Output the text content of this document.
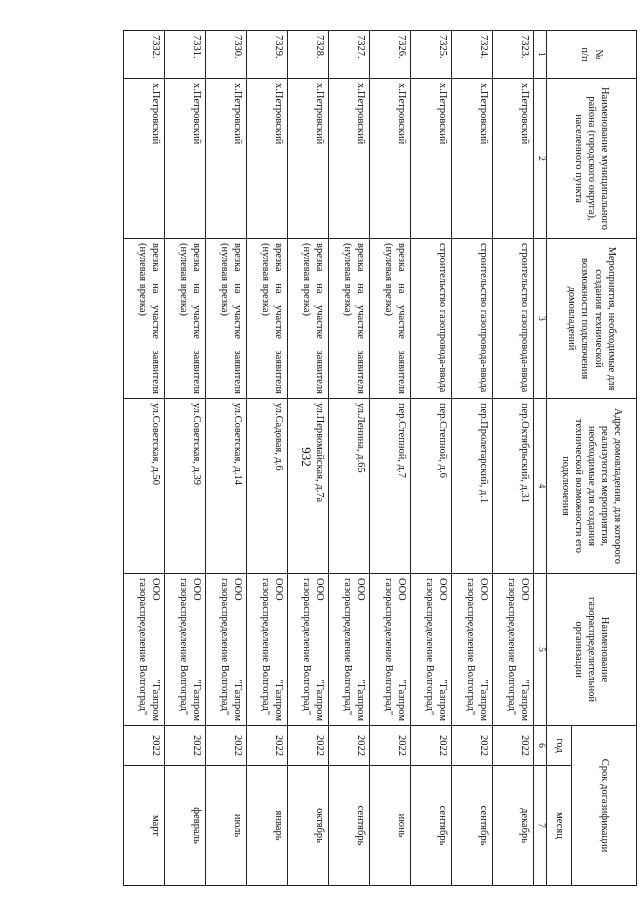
932
№
п/п	Наименование муниципального района (городского округа), населенного пункта	Мероприятия, необходимые для создания технической возможности подключения домовладений	Адрес домовладения, для которого реализуются мероприятия, необходимые для создания технической возможности его подключения	Наименование газораспределительной организации	Срок догазификации	
					год	месяц
1	2	3	4	5	6	7
7323.	х.Петровский	строительство газопровода-ввода	пер.Октябрьский, д.31	ООО "Газпром газораспределение Волгоград"	2022	декабрь
7324.	х.Петровский	строительство газопровода-ввода	пер.Пролетарский, д.1	ООО "Газпром газораспределение Волгоград"	2022	сентябрь
7325.	х.Петровский	строительство газопровода-ввода	пер.Степной, д.6	ООО "Газпром газораспределение Волгоград"	2022	сентябрь
7326.	х.Петровский	врезка на участке заявителя (нулевая врезка)	пер.Степной, д.7	ООО "Газпром газораспределение Волгоград"	2022	июнь
7327.	х.Петровский	врезка на участке заявителя (нулевая врезка)	ул.Ленина, д.65	ООО "Газпром газораспределение Волгоград"	2022	сентябрь
7328.	х.Петровский	врезка на участке заявителя (нулевая врезка)	ул.Первомайская, д.7а	ООО "Газпром газораспределение Волгоград"	2022	октябрь
7329.	х.Петровский	врезка на участке заявителя (нулевая врезка)	ул.Садовая, д.6	ООО "Газпром газораспределение Волгоград"	2022	январь
7330.	х.Петровский	врезка на участке заявителя (нулевая врезка)	ул.Советская, д.14	ООО "Газпром газораспределение Волгоград"	2022	июль
7331.	х.Петровский	врезка на участке заявителя (нулевая врезка)	ул.Советская, д.39	ООО "Газпром газораспределение Волгоград"	2022	февраль
7332.	х.Петровский	врезка на участке заявителя (нулевая врезка)	ул.Советская, д.50	ООО "Газпром газораспределение Волгоград"	2022	март
